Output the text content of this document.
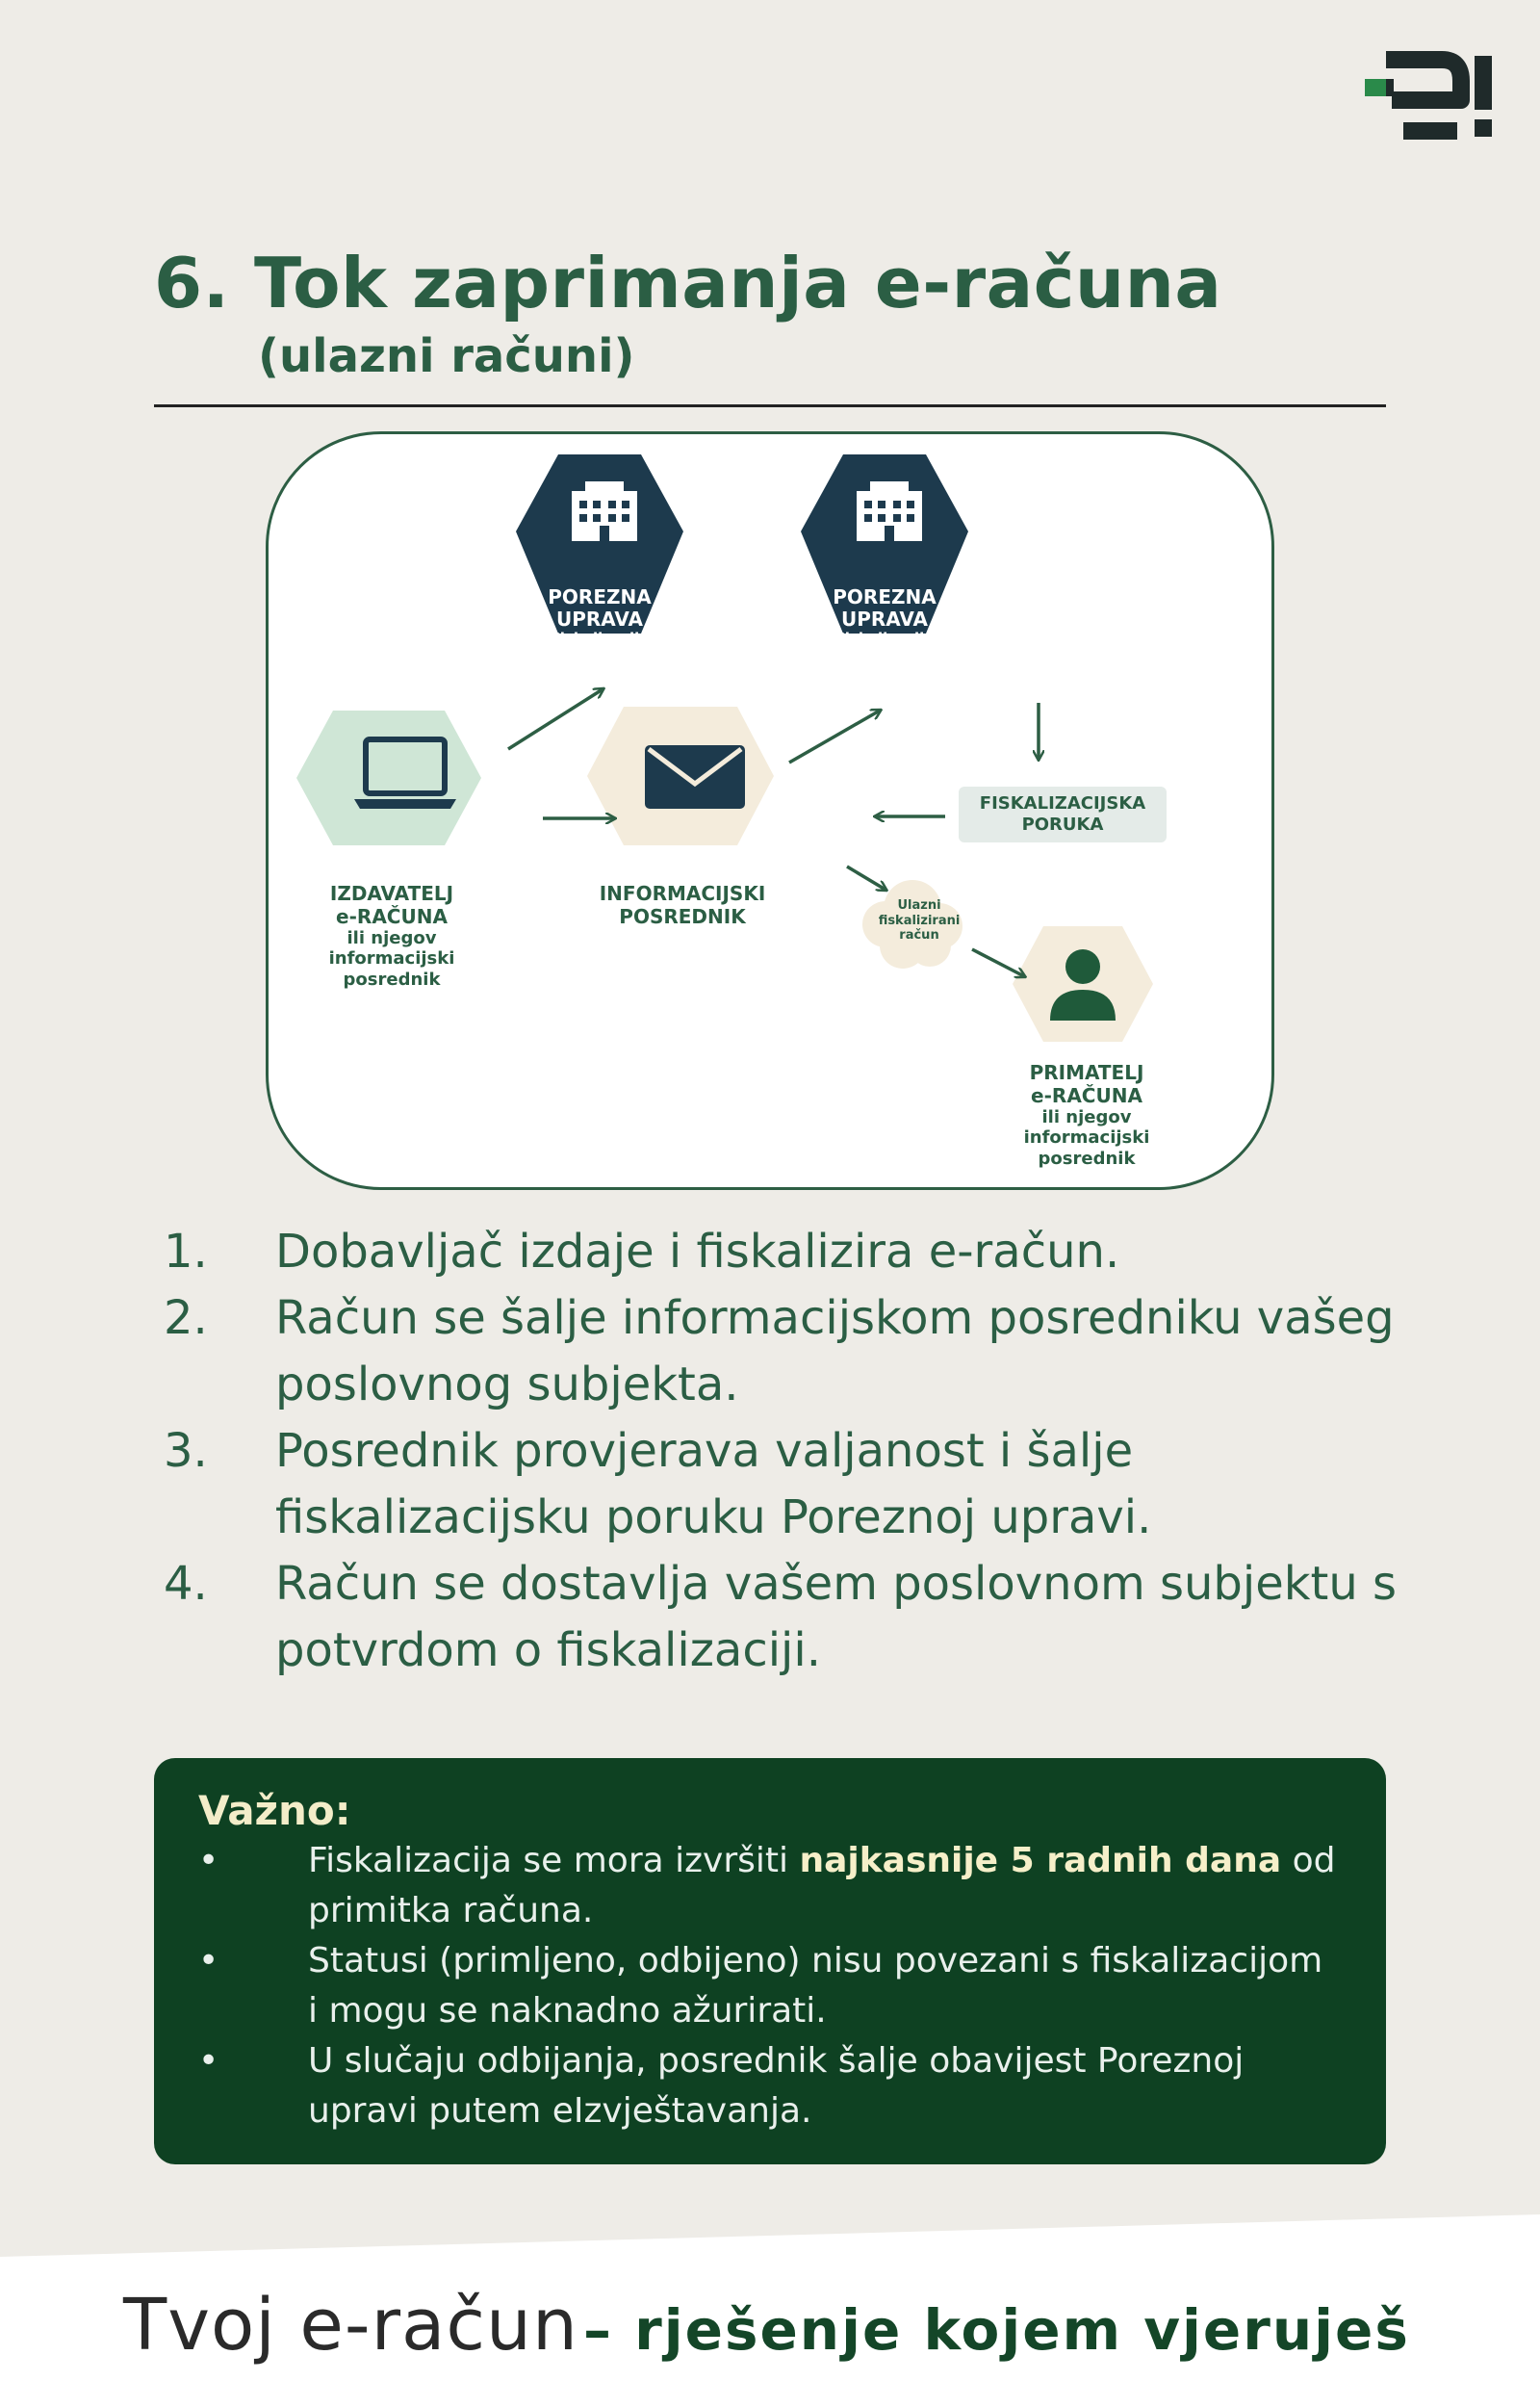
6. Tok zaprimanja e-računa
(ulazni računi)
POREZNA
UPRAVA
Fiskalizacija
izlaznog računa
POREZNA
UPRAVA
Fiskalizacija
ulaznog računa
IZDAVATELJ
e-RAČUNA
ili njegov
informacijski
posrednik
INFORMACIJSKI
POSREDNIK
FISKALIZACIJSKA
PORUKA
Ulazni
fiskalizirani
račun
PRIMATELJ
e-RAČUNA
ili njegov
informacijski
posrednik
1. Dobavljač izdaje i fiskalizira e-račun.
2. Račun se šalje informacijskom posredniku vašeg poslovnog subjekta.
3. Posrednik provjerava valjanost i šalje fiskalizacijsku poruku Poreznoj upravi.
4. Račun se dostavlja vašem poslovnom subjektu s potvrdom o fiskalizaciji.
Važno:
•	Fiskalizacija se mora izvršiti najkasnije 5 radnih dana od primitka računa.
•	Statusi (primljeno, odbijeno) nisu povezani s fiskalizacijom i mogu se naknadno ažurirati.
•	U slučaju odbijanja, posrednik šalje obavijest Poreznoj upravi putem eIzvještavanja.
Tvoj e-račun – rješenje kojem vjeruješ
